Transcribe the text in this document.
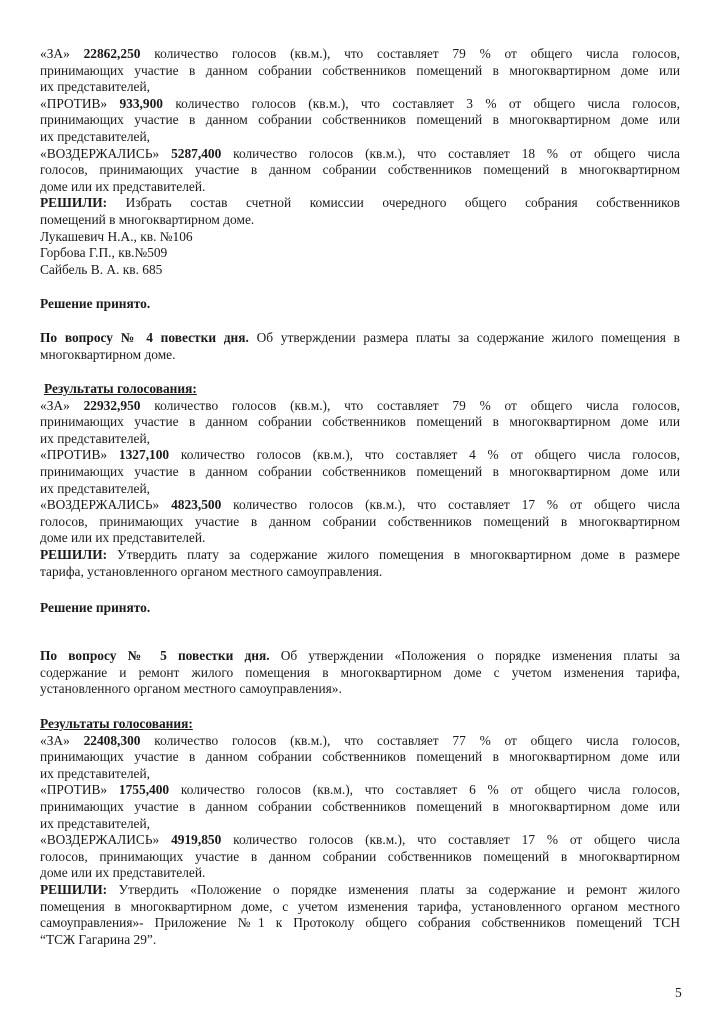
«ЗА» 22862,250 количество голосов (кв.м.), что составляет 79 % от общего числа голосов,
принимающих участие в данном собрании собственников помещений в многоквартирном доме или
их представителей,
«ПРОТИВ» 933,900 количество голосов (кв.м.), что составляет 3 % от общего числа голосов,
принимающих участие в данном собрании собственников помещений в многоквартирном доме или
их представителей,
«ВОЗДЕРЖАЛИСЬ» 5287,400 количество голосов (кв.м.), что составляет 18 % от общего числа
голосов, принимающих участие в данном собрании собственников помещений в многоквартирном
доме или их представителей.
РЕШИЛИ: Избрать состав счетной комиссии очередного общего собрания собственников
помещений в многоквартирном доме.
Лукашевич Н.А., кв. №106
Горбова Г.П., кв.№509
Сайбель В. А. кв. 685
Решение принято.
По вопросу № 4 повестки дня. Об утверждении размера платы за содержание жилого помещения в
многоквартирном доме.
Результаты голосования:
«ЗА» 22932,950 количество голосов (кв.м.), что составляет 79 % от общего числа голосов,
принимающих участие в данном собрании собственников помещений в многоквартирном доме или
их представителей,
«ПРОТИВ» 1327,100 количество голосов (кв.м.), что составляет 4 % от общего числа голосов,
принимающих участие в данном собрании собственников помещений в многоквартирном доме или
их представителей,
«ВОЗДЕРЖАЛИСЬ» 4823,500 количество голосов (кв.м.), что составляет 17 % от общего числа
голосов, принимающих участие в данном собрании собственников помещений в многоквартирном
доме или их представителей.
РЕШИЛИ: Утвердить плату за содержание жилого помещения в многоквартирном доме в размере
тарифа, установленного органом местного самоуправления.
Решение принято.
По вопросу № 5 повестки дня. Об утверждении «Положения о порядке изменения платы за
содержание и ремонт жилого помещения в многоквартирном доме с учетом изменения тарифа,
установленного органом местного самоуправления».
Результаты голосования:
«ЗА» 22408,300 количество голосов (кв.м.), что составляет 77 % от общего числа голосов,
принимающих участие в данном собрании собственников помещений в многоквартирном доме или
их представителей,
«ПРОТИВ» 1755,400 количество голосов (кв.м.), что составляет 6 % от общего числа голосов,
принимающих участие в данном собрании собственников помещений в многоквартирном доме или
их представителей,
«ВОЗДЕРЖАЛИСЬ» 4919,850 количество голосов (кв.м.), что составляет 17 % от общего числа
голосов, принимающих участие в данном собрании собственников помещений в многоквартирном
доме или их представителей.
РЕШИЛИ: Утвердить «Положение о порядке изменения платы за содержание и ремонт жилого
помещения в многоквартирном доме, с учетом изменения тарифа, установленного органом местного
самоуправления»- Приложение №1 к Протоколу общего собрания собственников помещений ТСН
“ТСЖ Гагарина 29”.
5
